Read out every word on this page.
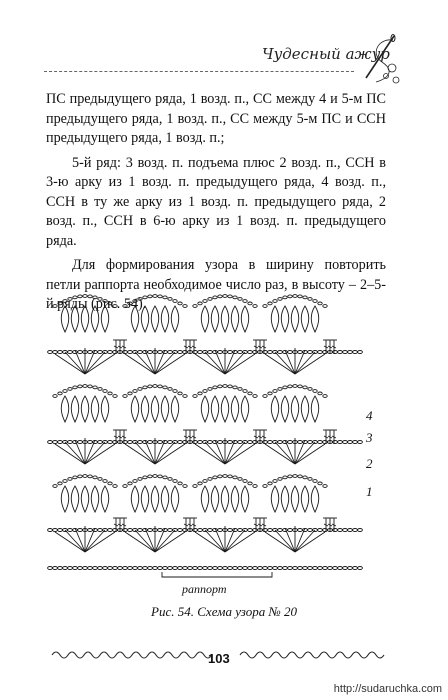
Чудесный ажур

ПС предыдущего ряда, 1 возд. п., СС между 4 и 5-м ПС предыдущего ряда, 1 возд. п., СС между 5-м ПС и ССН предыдущего ряда, 1 возд. п.;

5-й ряд: 3 возд. п. подъема плюс 2 возд. п., ССН в 3-ю арку из 1 возд. п. предыдущего ряда, 4 возд. п., ССН в ту же арку из 1 возд. п. предыдущего ряда, 2 возд. п., ССН в 6-ю арку из 1 возд. п. предыдущего ряда.

Для формирования узора в ширину повторить петли раппорта необходимое число раз, в высоту – 2–5-й ряды (рис. 54).

4
3
2
1
раппорт
Рис. 54. Схема узора № 20
103
http://sudaruchka.com
